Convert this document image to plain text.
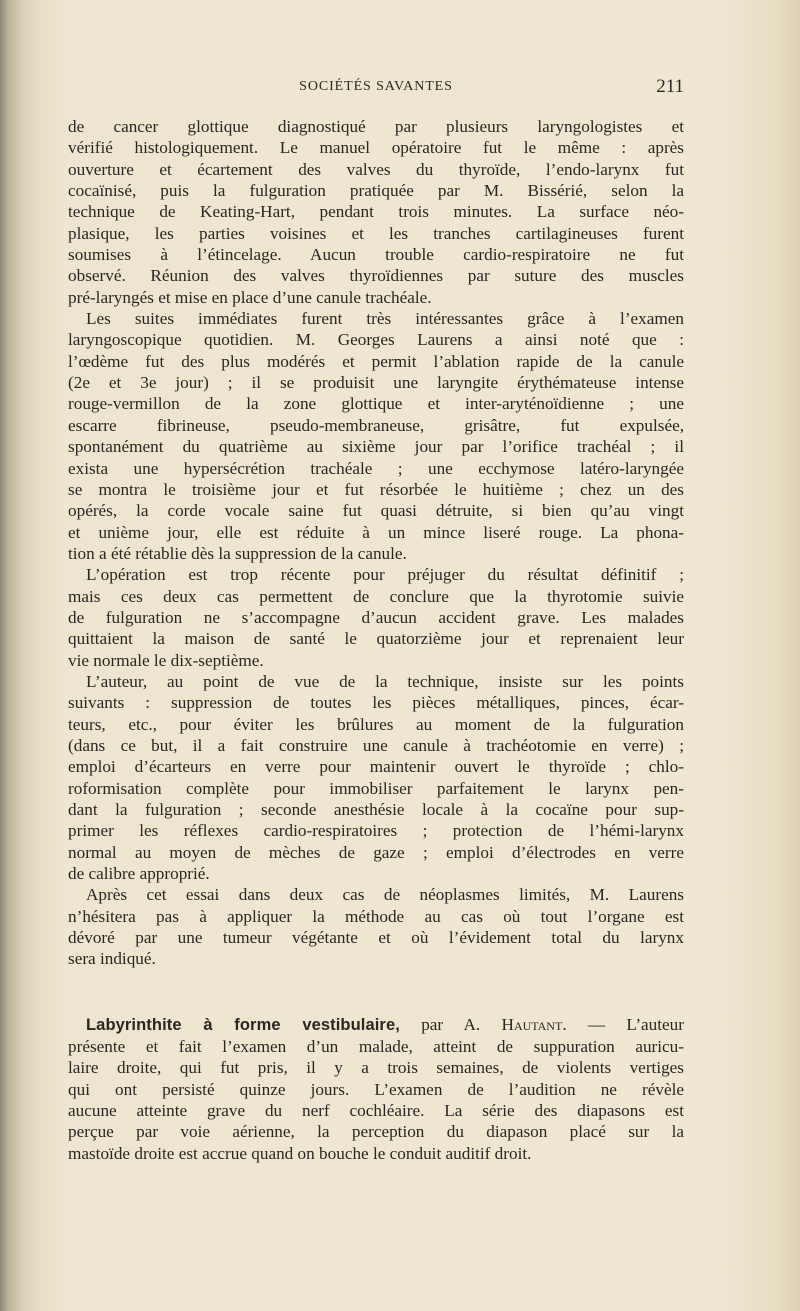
SOCIÉTÉS SAVANTES	211
de cancer glottique diagnostiqué par plusieurs laryngologistes et
vérifié histologiquement. Le manuel opératoire fut le même : après
ouverture et écartement des valves du thyroïde, l’endo-larynx fut
cocaïnisé, puis la fulguration pratiquée par M. Bissérié, selon la
technique de Keating-Hart, pendant trois minutes. La surface néo-
plasique, les parties voisines et les tranches cartilagineuses furent
soumises à l’étincelage. Aucun trouble cardio-respiratoire ne fut
observé. Réunion des valves thyroïdiennes par suture des muscles
pré-laryngés et mise en place d’une canule trachéale.
Les suites immédiates furent très intéressantes grâce à l’examen
laryngoscopique quotidien. M. Georges Laurens a ainsi noté que :
l’œdème fut des plus modérés et permit l’ablation rapide de la canule
(2e et 3e jour) ; il se produisit une laryngite érythémateuse intense
rouge-vermillon de la zone glottique et inter-aryténoïdienne ; une
escarre fibrineuse, pseudo-membraneuse, grisâtre, fut expulsée,
spontanément du quatrième au sixième jour par l’orifice trachéal ; il
exista une hypersécrétion trachéale ; une ecchymose latéro-laryngée
se montra le troisième jour et fut résorbée le huitième ; chez un des
opérés, la corde vocale saine fut quasi détruite, si bien qu’au vingt
et unième jour, elle est réduite à un mince liseré rouge. La phona-
tion a été rétablie dès la suppression de la canule.
L’opération est trop récente pour préjuger du résultat définitif ;
mais ces deux cas permettent de conclure que la thyrotomie suivie
de fulguration ne s’accompagne d’aucun accident grave. Les malades
quittaient la maison de santé le quatorzième jour et reprenaient leur
vie normale le dix-septième.
L’auteur, au point de vue de la technique, insiste sur les points
suivants : suppression de toutes les pièces métalliques, pinces, écar-
teurs, etc., pour éviter les brûlures au moment de la fulguration
(dans ce but, il a fait construire une canule à trachéotomie en verre) ;
emploi d’écarteurs en verre pour maintenir ouvert le thyroïde ; chlo-
roformisation complète pour immobiliser parfaitement le larynx pen-
dant la fulguration ; seconde anesthésie locale à la cocaïne pour sup-
primer les réflexes cardio-respiratoires ; protection de l’hémi-larynx
normal au moyen de mèches de gaze ; emploi d’électrodes en verre
de calibre approprié.
Après cet essai dans deux cas de néoplasmes limités, M. Laurens
n’hésitera pas à appliquer la méthode au cas où tout l’organe est
dévoré par une tumeur végétante et où l’évidement total du larynx
sera indiqué.
Labyrinthite à forme vestibulaire, par A. Hautant. — L’auteur
présente et fait l’examen d’un malade, atteint de suppuration auricu-
laire droite, qui fut pris, il y a trois semaines, de violents vertiges
qui ont persisté quinze jours. L’examen de l’audition ne révèle
aucune atteinte grave du nerf cochléaire. La série des diapasons est
perçue par voie aérienne, la perception du diapason placé sur la
mastoïde droite est accrue quand on bouche le conduit auditif droit.
